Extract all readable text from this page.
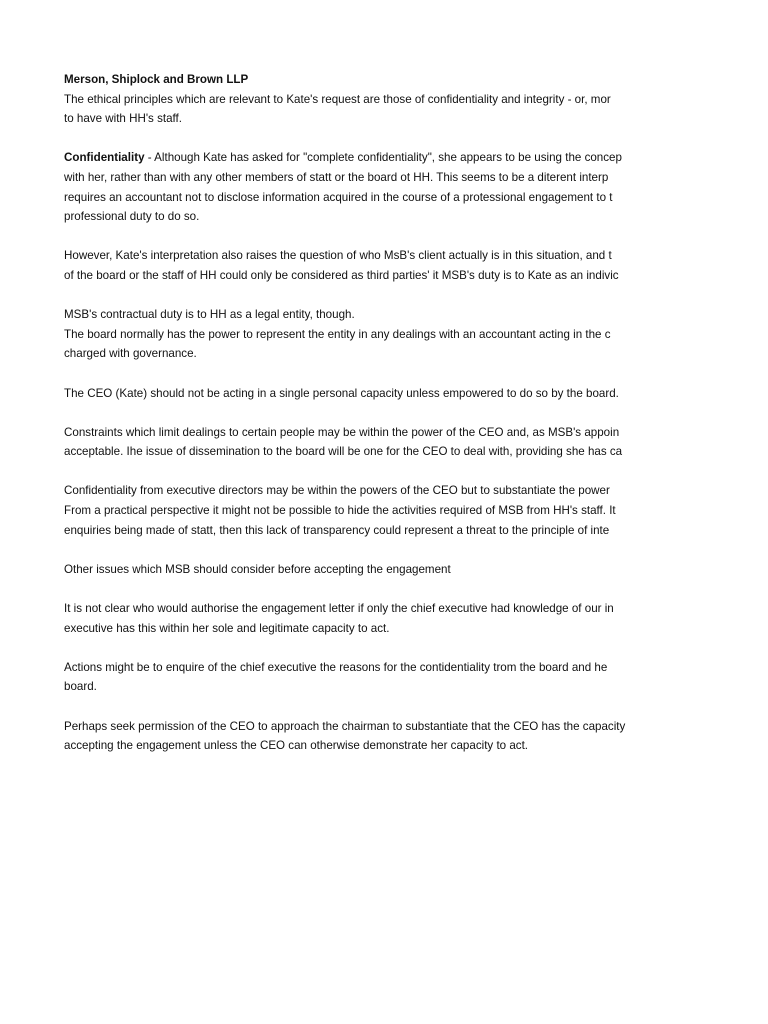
Merson, Shiplock and Brown LLP
The ethical principles which are relevant to Kate's request are those of confidentiality and integrity - or, mor
to have with HH's staff.
Confidentiality - Although Kate has asked for "complete confidentiality", she appears to be using the concep
with her, rather than with any other members of statt or the board ot HH. This seems to be a diterent interp
requires an accountant not to disclose information acquired in the course of a protessional engagement to t
professional duty to do so.
However, Kate's interpretation also raises the question of who MsB's client actually is in this situation, and t
of the board or the staff of HH could only be considered as third parties' it MSB's duty is to Kate as an indivic
MSB's contractual duty is to HH as a legal entity, though.
The board normally has the power to represent the entity in any dealings with an accountant acting in the c
charged with governance.
The CEO (Kate) should not be acting in a single personal capacity unless empowered to do so by the board.
Constraints which limit dealings to certain people may be within the power of the CEO and, as MSB's appoin
acceptable. Ihe issue of dissemination to the board will be one for the CEO to deal with, providing she has ca
Confidentiality from executive directors may be within the powers of the CEO but to substantiate the power
From a practical perspective it might not be possible to hide the activities required of MSB from HH's staff. It
enquiries being made of statt, then this lack of transparency could represent a threat to the principle of inte
Other issues which MSB should consider before accepting the engagement
It is not clear who would authorise the engagement letter if only the chief executive had knowledge of our in
executive has this within her sole and legitimate capacity to act.
Actions might be to enquire of the chief executive the reasons for the contidentiality trom the board and he
board.
Perhaps seek permission of the CEO to approach the chairman to substantiate that the CEO has the capacity
accepting the engagement unless the CEO can otherwise demonstrate her capacity to act.
